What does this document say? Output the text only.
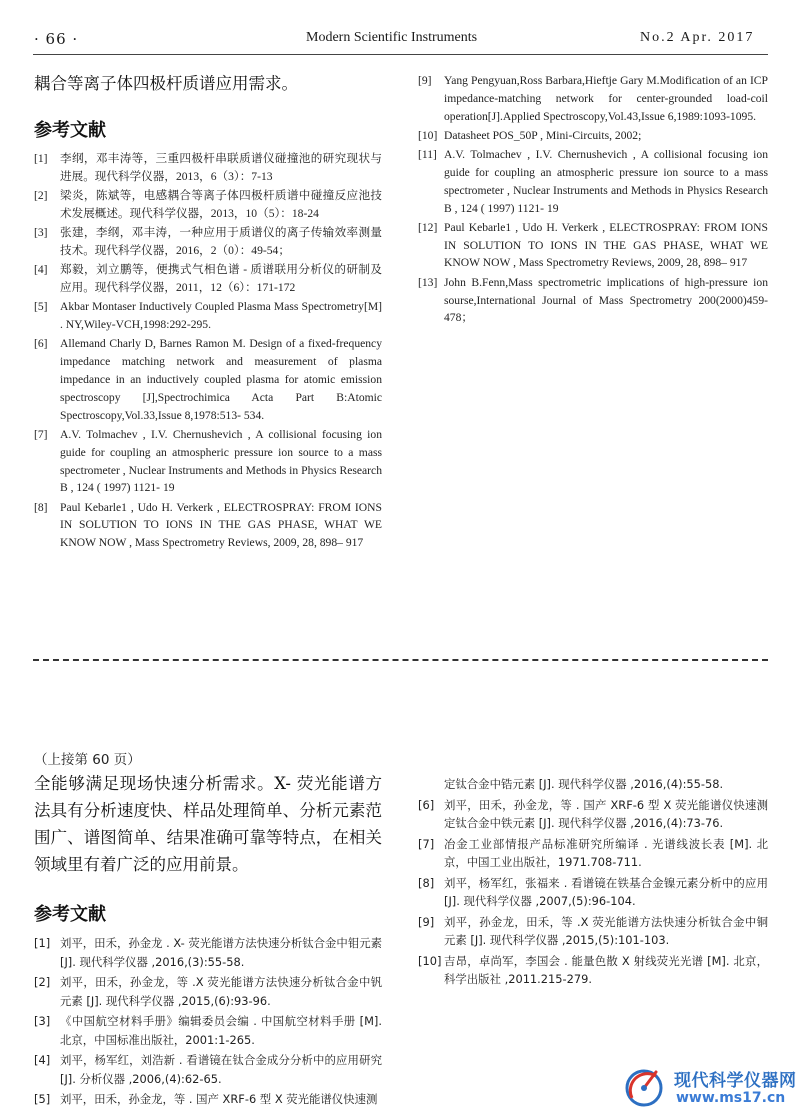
· 66 ·	Modern Scientific Instruments	No.2 Apr. 2017
耦合等离子体四极杆质谱应用需求。
参考文献
[1] 李纲，邓丰涛等，三重四极杆串联质谱仪碰撞池的研究现状与进展。现代科学仪器，2013，6（3）：7-13
[2] 梁炎，陈斌等，电感耦合等离子体四极杆质谱中碰撞反应池技术发展概述。现代科学仪器，2013，10（5）：18-24
[3] 张建，李纲，邓丰涛，一种应用于质谱仪的离子传输效率测量技术。现代科学仪器，2016，2（0）：49-54；
[4] 郑毅，刘立鹏等，便携式气相色谱 - 质谱联用分析仪的研制及应用。现代科学仪器，2011，12（6）：171-172
[5] Akbar Montaser Inductively Coupled Plasma Mass Spectrometry[M] . NY,Wiley-VCH,1998:292-295.
[6] Allemand Charly D, Barnes Ramon M. Design of a fixed-frequency impedance matching network and measurement of plasma impedance in an inductively coupled plasma for atomic emission spectroscopy [J],Spectrochimica Acta Part B:Atomic Spectroscopy,Vol.33,Issue 8,1978:513- 534.
[7] A.V. Tolmachev , I.V. Chernushevich , A collisional focusing ion guide for coupling an atmospheric pressure ion source to a mass spectrometer , Nuclear Instruments and Methods in Physics Research B , 124 ( 1997) 1121- 19
[8] Paul Kebarle1 , Udo H. Verkerk , ELECTROSPRAY: FROM IONS IN SOLUTION TO IONS IN THE GAS PHASE, WHAT WE KNOW NOW , Mass Spectrometry Reviews, 2009, 28, 898– 917
[9] Yang Pengyuan,Ross Barbara,Hieftje Gary M.Modification of an ICP impedance-matching network for center-grounded load-coil operation[J].Applied Spectroscopy,Vol.43,Issue 6,1989:1093-1095.
[10] Datasheet POS_50P , Mini-Circuits, 2002;
[11] A.V. Tolmachev , I.V. Chernushevich , A collisional focusing ion guide for coupling an atmospheric pressure ion source to a mass spectrometer , Nuclear Instruments and Methods in Physics Research B , 124 ( 1997) 1121- 19
[12] Paul Kebarle1 , Udo H. Verkerk , ELECTROSPRAY: FROM IONS IN SOLUTION TO IONS IN THE GAS PHASE, WHAT WE KNOW NOW , Mass Spectrometry Reviews, 2009, 28, 898– 917
[13] John B.Fenn,Mass spectrometric implications of high-pressure ion sourse,International Journal of Mass Spectrometry 200(2000)459-478；
（上接第 60 页）
全能够满足现场快速分析需求。X- 荧光能谱方法具有分析速度快、样品处理简单、分析元素范围广、谱图简单、结果准确可靠等特点，在相关领域里有着广泛的应用前景。
参考文献
[1] 刘平，田禾，孙金龙 . X- 荧光能谱方法快速分析钛合金中钼元素 [J]. 现代科学仪器 ,2016,(3):55-58.
[2] 刘平，田禾，孙金龙，等 .X 荧光能谱方法快速分析钛合金中钒元素 [J]. 现代科学仪器 ,2015,(6):93-96.
[3] 《中国航空材料手册》编辑委员会编 . 中国航空材料手册 [M]. 北京，中国标准出版社，2001:1-265.
[4] 刘平，杨军红，刘浩新 . 看谱镜在钛合金成分分析中的应用研究 [J]. 分析仪器 ,2006,(4):62-65.
[5] 刘平，田禾，孙金龙，等 . 国产 XRF-6 型 X 荧光能谱仪快速测
定钛合金中锆元素 [J]. 现代科学仪器 ,2016,(4):55-58.
[6] 刘平，田禾，孙金龙，等 . 国产 XRF-6 型 X 荧光能谱仪快速测定钛合金中铁元素 [J]. 现代科学仪器 ,2016,(4):73-76.
[7] 冶金工业部情报产品标准研究所编译 . 光谱线波长表 [M]. 北京，中国工业出版社，1971.708-711.
[8] 刘平，杨军红，张福来 . 看谱镜在铁基合金镍元素分析中的应用 [J]. 现代科学仪器 ,2007,(5):96-104.
[9] 刘平，孙金龙，田禾，等 .X 荧光能谱方法快速分析钛合金中铜元素 [J]. 现代科学仪器 ,2015,(5):101-103.
[10] 吉昂，卓尚军，李国会 . 能量色散 X 射线荧光光谱 [M]. 北京，科学出版社 ,2011.215-279.
现代科学仪器网
www.ms17.cn
